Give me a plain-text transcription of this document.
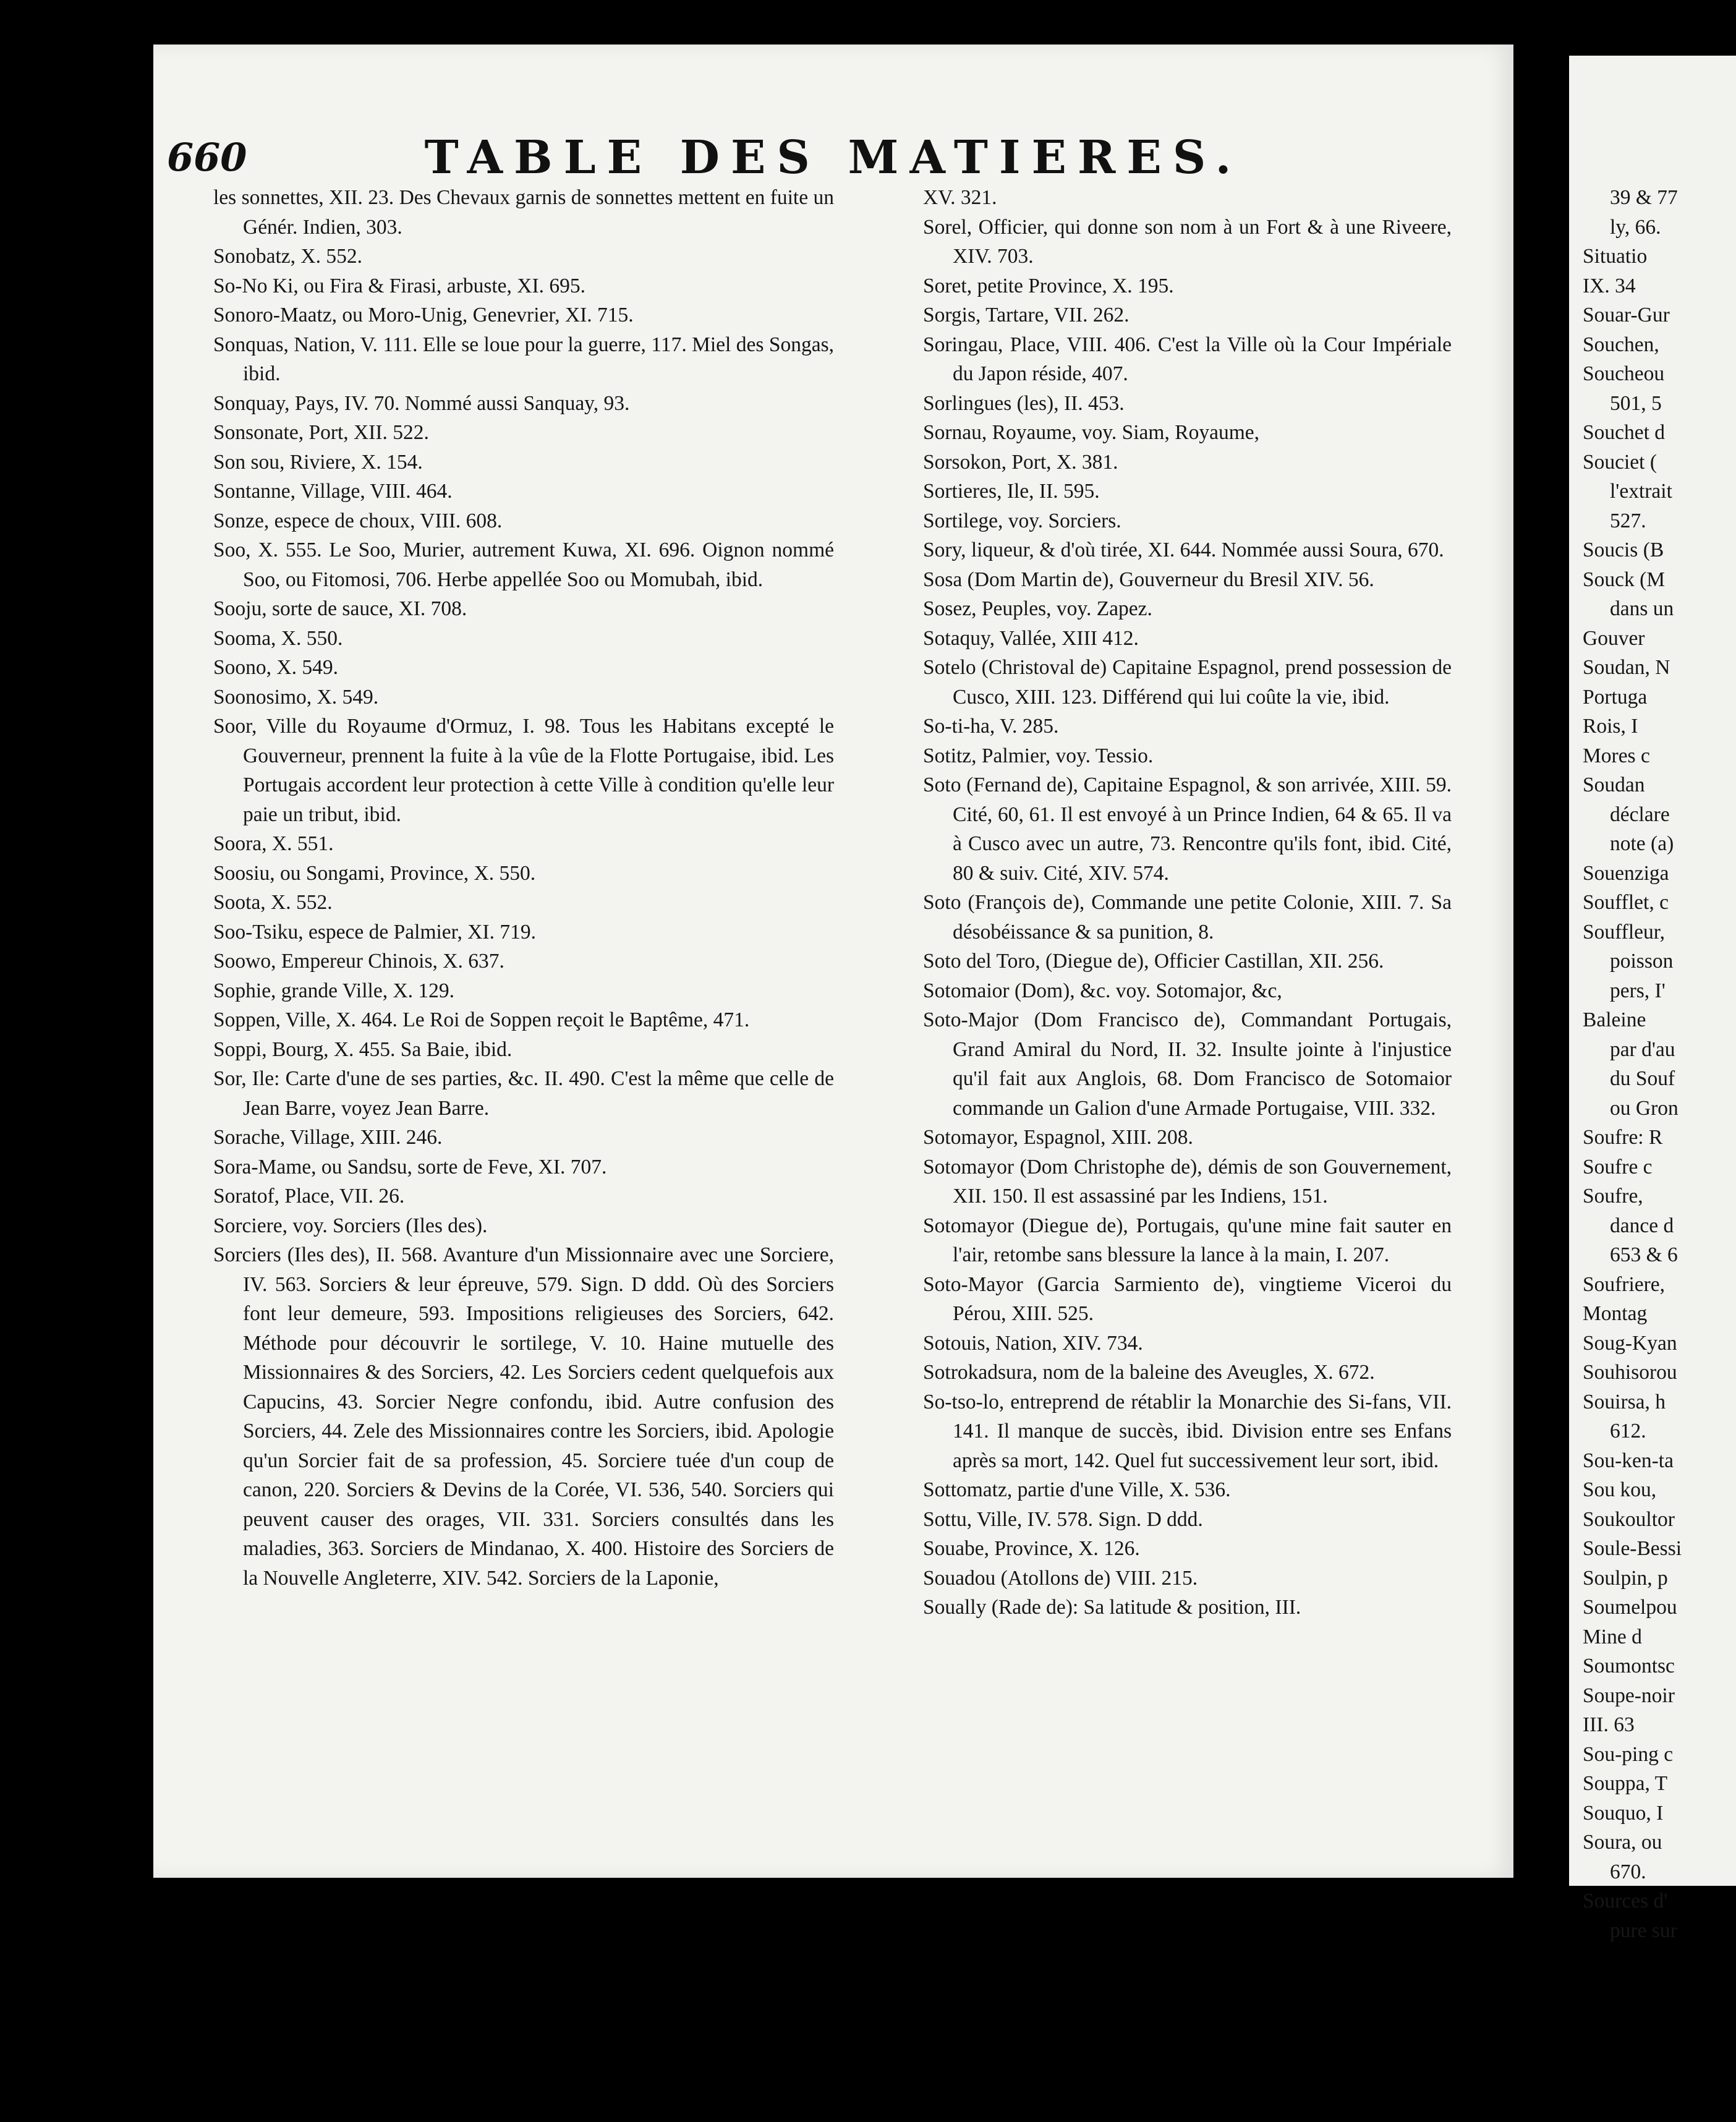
660	TABLE DES MATIERES.

les sonnettes, XII. 23. Des Chevaux garnis de sonnettes mettent en fuite un Génér. Indien, 303.

Sonobatz, X. 552.

So-No Ki, ou Fira & Firasi, arbuste, XI. 695.

Sonoro-Maatz, ou Moro-Unig, Genevrier, XI. 715.

Sonquas, Nation, V. 111. Elle se loue pour la guerre, 117. Miel des Songas, ibid.

Sonquay, Pays, IV. 70. Nommé aussi Sanquay, 93.

Sonsonate, Port, XII. 522.

Son sou, Riviere, X. 154.

Sontanne, Village, VIII. 464.

Sonze, espece de choux, VIII. 608.

Soo, X. 555. Le Soo, Murier, autrement Kuwa, XI. 696. Oignon nommé Soo, ou Fitomosi, 706. Herbe appellée Soo ou Momubah, ibid.

Sooju, sorte de sauce, XI. 708.

Sooma, X. 550.

Soono, X. 549.

Soonosimo, X. 549.

Soor, Ville du Royaume d'Ormuz, I. 98. Tous les Habitans excepté le Gouverneur, prennent la fuite à la vûe de la Flotte Portugaise, ibid. Les Portugais accordent leur protection à cette Ville à condition qu'elle leur paie un tribut, ibid.

Soora, X. 551.

Soosiu, ou Songami, Province, X. 550.

Soota, X. 552.

Soo-Tsiku, espece de Palmier, XI. 719.

Soowo, Empereur Chinois, X. 637.

Sophie, grande Ville, X. 129.

Soppen, Ville, X. 464. Le Roi de Soppen reçoit le Baptême, 471.

Soppi, Bourg, X. 455. Sa Baie, ibid.

Sor, Ile: Carte d'une de ses parties, &c. II. 490. C'est la même que celle de Jean Barre, voyez Jean Barre.

Sorache, Village, XIII. 246.

Sora-Mame, ou Sandsu, sorte de Feve, XI. 707.

Soratof, Place, VII. 26.

Sorciere, voy. Sorciers (Iles des).

Sorciers (Iles des), II. 568. Avanture d'un Missionnaire avec une Sorciere, IV. 563. Sorciers & leur épreuve, 579. Sign. D ddd. Où des Sorciers font leur demeure, 593. Impositions religieuses des Sorciers, 642. Méthode pour découvrir le sortilege, V. 10. Haine mutuelle des Missionnaires & des Sorciers, 42. Les Sorciers cedent quelquefois aux Capucins, 43. Sorcier Negre confondu, ibid. Autre confusion des Sorciers, 44. Zele des Missionnaires contre les Sorciers, ibid. Apologie qu'un Sorcier fait de sa profession, 45. Sorciere tuée d'un coup de canon, 220. Sorciers & Devins de la Corée, VI. 536, 540. Sorciers qui peuvent causer des orages, VII. 331. Sorciers consultés dans les maladies, 363. Sorciers de Mindanao, X. 400. Histoire des Sorciers de la Nouvelle Angleterre, XIV. 542. Sorciers de la Laponie,

XV. 321.

Sorel, Officier, qui donne son nom à un Fort & à une Riveere, XIV. 703.

Soret, petite Province, X. 195.

Sorgis, Tartare, VII. 262.

Soringau, Place, VIII. 406. C'est la Ville où la Cour Impériale du Japon réside, 407.

Sorlingues (les), II. 453.

Sornau, Royaume, voy. Siam, Royaume,

Sorsokon, Port, X. 381.

Sortieres, Ile, II. 595.

Sortilege, voy. Sorciers.

Sory, liqueur, & d'où tirée, XI. 644. Nommée aussi Soura, 670.

Sosa (Dom Martin de), Gouverneur du Bresil XIV. 56.

Sosez, Peuples, voy. Zapez.

Sotaquy, Vallée, XIII 412.

Sotelo (Christoval de) Capitaine Espagnol, prend possession de Cusco, XIII. 123. Différend qui lui coûte la vie, ibid.

So-ti-ha, V. 285.

Sotitz, Palmier, voy. Tessio.

Soto (Fernand de), Capitaine Espagnol, & son arrivée, XIII. 59. Cité, 60, 61. Il est envoyé à un Prince Indien, 64 & 65. Il va à Cusco avec un autre, 73. Rencontre qu'ils font, ibid. Cité, 80 & suiv. Cité, XIV. 574.

Soto (François de), Commande une petite Colonie, XIII. 7. Sa désobéissance & sa punition, 8.

Soto del Toro, (Diegue de), Officier Castillan, XII. 256.

Sotomaior (Dom), &c. voy. Sotomajor, &c,

Soto-Major (Dom Francisco de), Commandant Portugais, Grand Amiral du Nord, II. 32. Insulte jointe à l'injustice qu'il fait aux Anglois, 68. Dom Francisco de Sotomaior commande un Galion d'une Armade Portugaise, VIII. 332.

Sotomayor, Espagnol, XIII. 208.

Sotomayor (Dom Christophe de), démis de son Gouvernement, XII. 150. Il est assassiné par les Indiens, 151.

Sotomayor (Diegue de), Portugais, qu'une mine fait sauter en l'air, retombe sans blessure la lance à la main, I. 207.

Soto-Mayor (Garcia Sarmiento de), vingtieme Viceroi du Pérou, XIII. 525.

Sotouis, Nation, XIV. 734.

Sotrokadsura, nom de la baleine des Aveugles, X. 672.

So-tso-lo, entreprend de rétablir la Monarchie des Si-fans, VII. 141. Il manque de succès, ibid. Division entre ses Enfans après sa mort, 142. Quel fut successivement leur sort, ibid.

Sottomatz, partie d'une Ville, X. 536.

Sottu, Ville, IV. 578. Sign. D ddd.

Souabe, Province, X. 126.

Souadou (Atollons de) VIII. 215.

Soually (Rade de): Sa latitude & position, III.

39 & 77

ly, 66.

Situatio

IX. 34

Souar-Gur

Souchen,

Soucheou

501, 5

Souchet d

Souciet (

l'extrait

527.

Soucis (B

Souck (M

dans un

Gouver

Soudan, N

Portuga

Rois, I

Mores c

Soudan

déclare

note (a)

Souenziga

Soufflet, c

Souffleur,

poisson

pers, I'

Baleine

par d'au

du Souf

ou Gron

Soufre: R

Soufre c

Soufre,

dance d

653 & 6

Soufriere,

Montag

Soug-Kyan

Souhisorou

Souirsa, h

612.

Sou-ken-ta

Sou kou,

Soukoultor

Soule-Bessi

Soulpin, p

Soumelpou

Mine d

Soumontsc

Soupe-noir

III. 63

Sou-ping c

Souppa, T

Souquo, I

Soura, ou

670.

Sources d'

pure sur
